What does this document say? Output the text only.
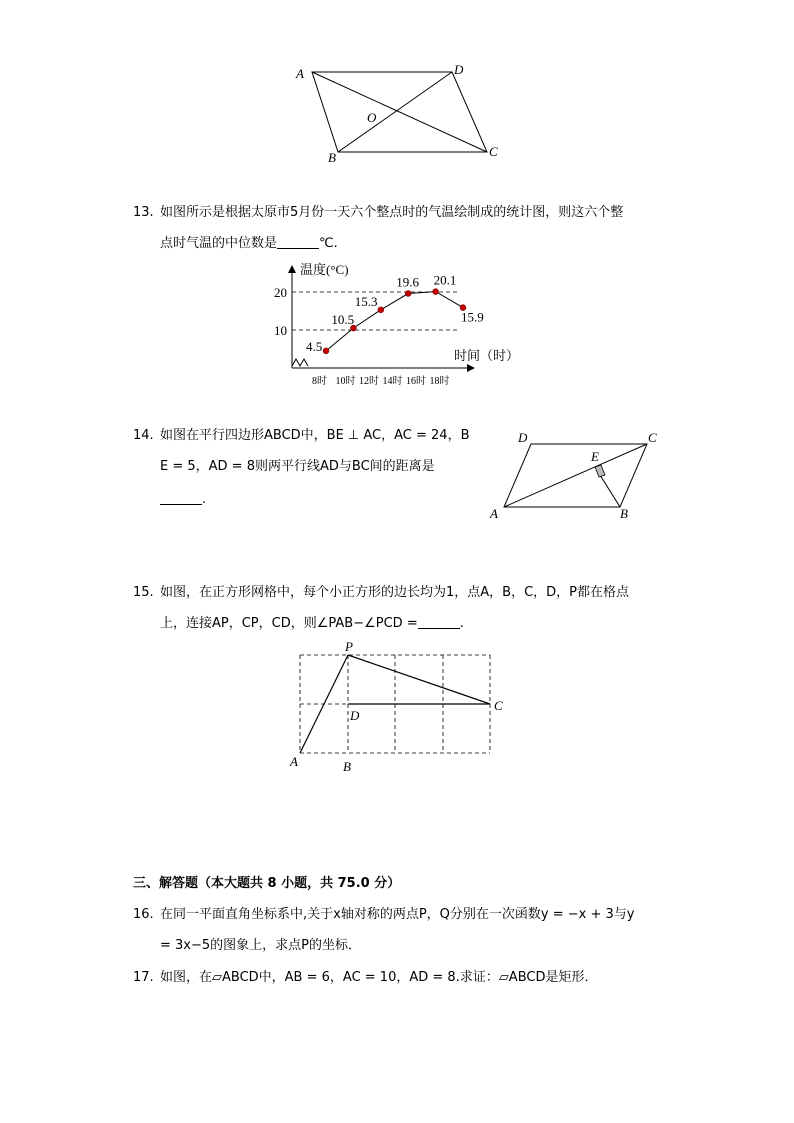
A	D
O
B	C
13. 如图所示是根据太原市5月份一天六个整点时的气温绘制成的统计图，则这六个整
点时气温的中位数是	℃.
温度(°C)
时间（时）
10
20
4.5
10.5
15.3
19.6 20.1
15.9
8时 10时 12时 14时 16时 18时
14. 如图在平行四边形ABCD中，BE ⊥ AC，AC = 24，B
E = 5，AD = 8则两平行线AD与BC间的距离是
.
D	C
E
A	B
15. 如图，在正方形网格中，每个小正方形的边长均为1，点A，B，C，D，P都在格点
上，连接AP，CP，CD，则∠PAB−∠PCD =	.
P
C
D
A	B
三、解答题（本大题共 8 小题，共 75.0 分）
16. 在同一平面直角坐标系中,关于x轴对称的两点P，Q分别在一次函数y = −x + 3与y
= 3x−5的图象上，求点P的坐标．
17. 如图，在▱ABCD中，AB = 6，AC = 10，AD = 8.求证：▱ABCD是矩形．
